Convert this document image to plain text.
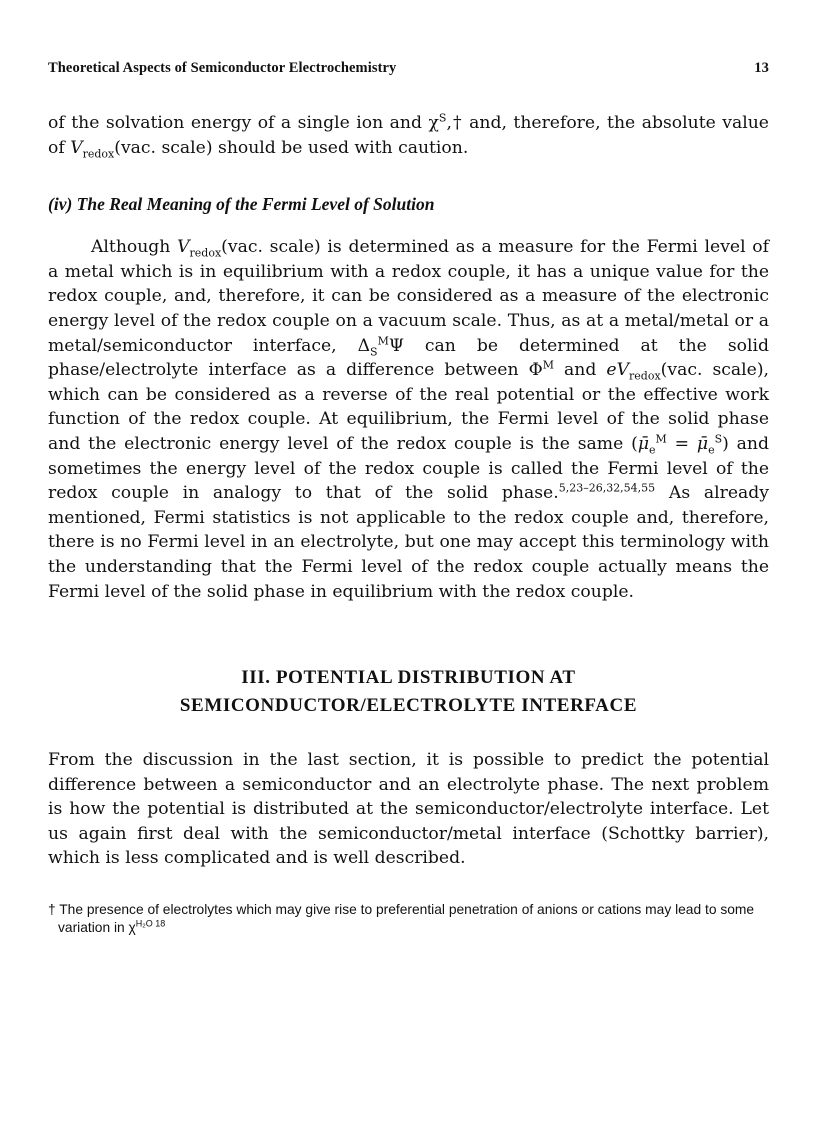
Theoretical Aspects of Semiconductor Electrochemistry	13

of the solvation energy of a single ion and $\chi^S,\dagger$ and, therefore, the absolute value of $V_{redox}(vac$. scale) should be used with caution.

(iv) The Real Meaning of the Fermi Level of Solution

Although $V_{redox}(vac$. scale) is determined as a measure for the Fermi level of a metal which is in equilibrium with a redox couple, it has a unique value for the redox couple, and, therefore, it can be considered as a measure of the electronic energy level of the redox couple on a vacuum scale. Thus, as at a metal/metal or a metal/semiconductor interface, $\Delta_S^M\Psi$ can be determined at the solid phase/electrolyte interface as a difference between $\Phi^M$ and $eV_{redox}(vac$. scale), which can be considered as a reverse of the real potential or the effective work function of the redox couple. At equilibrium, the Fermi level of the solid phase and the electronic energy level of the redox couple is the same ($\mū_e^M$ = $\mū_e^S$) and sometimes the energy level of the redox couple is called the Fermi level of the redox couple in analogy to that of the solid phase.$^{5,23-26,32,54,55}$ As already mentioned, Fermi statistics is not applicable to the redox couple and, therefore, there is no Fermi level in an electrolyte, but one may accept this terminology with the understanding that the Fermi level of the redox couple actually means the Fermi level of the solid phase in equilibrium with the redox couple.

III. POTENTIAL DISTRIBUTION AT
SEMICONDUCTOR/ELECTROLYTE INTERFACE

From the discussion in the last section, it is possible to predict the potential difference between a semiconductor and an electrolyte phase. The next problem is how the potential is distributed at the semiconductor/electrolyte interface. Let us again first deal with the semiconductor/metal interface (Schottky barrier), which is less complicated and is well described.

† The presence of electrolytes which may give rise to preferential penetration of anions or cations may lead to some variation in $\chi^{H_2O}$ $^{18}$
